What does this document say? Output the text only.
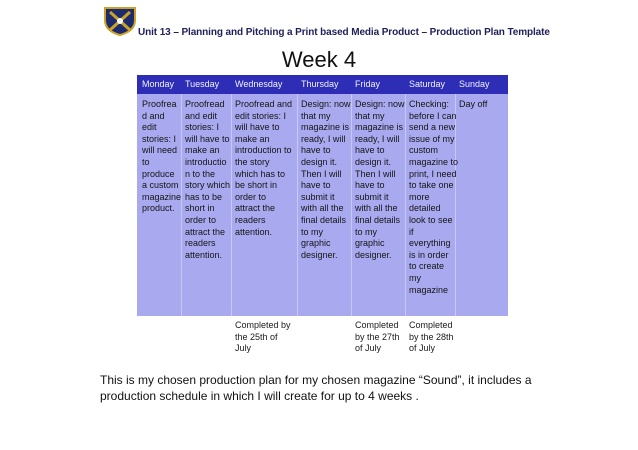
Unit 13 – Planning and Pitching a Print based Media Product – Production Plan Template
Week 4
Monday Tuesday Wednesday Thursday Friday	Saturday Sunday
Proofrea
d and
edit
stories: I
will need
to
produce
a custom
magazine
product.
Proofread
and edit
stories: I
will have to
make an
introductio
n to the
story which
has to be
short in
order to
attract the
readers
attention.
Proofread and
edit stories: I
will have to
make an
introduction to
the story
which has to
be short in
order to
attract the
readers
attention.
Design: now
that my
magazine is
ready, I will
have to
design it.
Then I will
have to
submit it
with all the
final details
to my
graphic
designer.
Design: now
that my
magazine is
ready, I will
have to
design it.
Then I will
have to
submit it
with all the
final details
to my
graphic
designer.
Checking:
before I can
send a new
issue of my
custom
magazine to
print, I need
to take one
more
detailed
look to see
if
everything
is in order
to create
my
magazine
Day off
Completed by
the 25th of
July
Completed
by the 27th
of July
Completed
by the 28th
of July
This is my chosen production plan for my chosen magazine “Sound”, it includes a production schedule in which I will create for up to 4 weeks .
